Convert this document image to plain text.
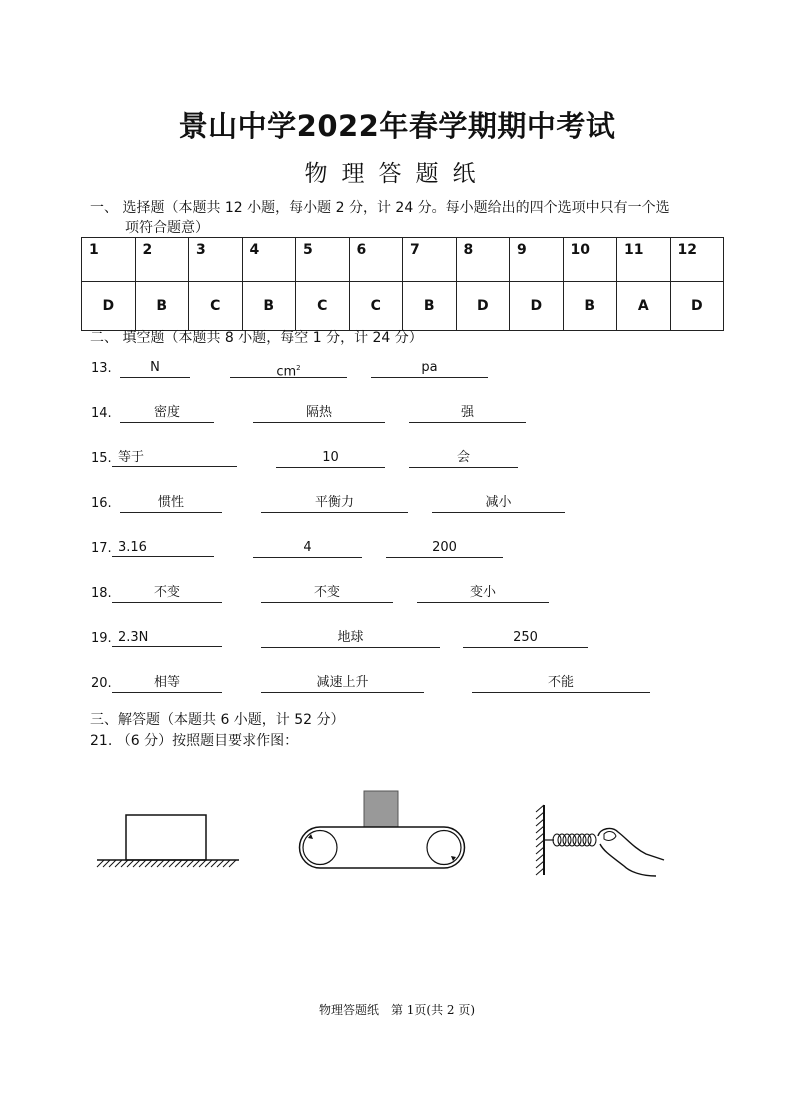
景山中学2022年春学期期中考试
物理答题纸
一、 选择题（本题共 12 小题，每小题 2 分，计 24 分。每小题给出的四个选项中只有一个选
项符合题意）
1	2	3	4	5	6	7	8	9	10	11	12
D	B	C	B	C	C	B	D	D	B	A	D
二、 填空题（本题共 8 小题，每空 1 分，计 24 分）
13.	N	$cm^2$	pa
14.	密度	隔热	强
15. 等于	10	会
16.	惯性	平衡力	减小
17. 3.16	4	200
18.	不变	不变	变小
19. 2.3N	地球	250
20.	相等	减速上升	不能
三、解答题（本题共 6 小题，计 52 分）
21. （6 分）按照题目要求作图：
物理答题纸　第 1页(共 2 页)
